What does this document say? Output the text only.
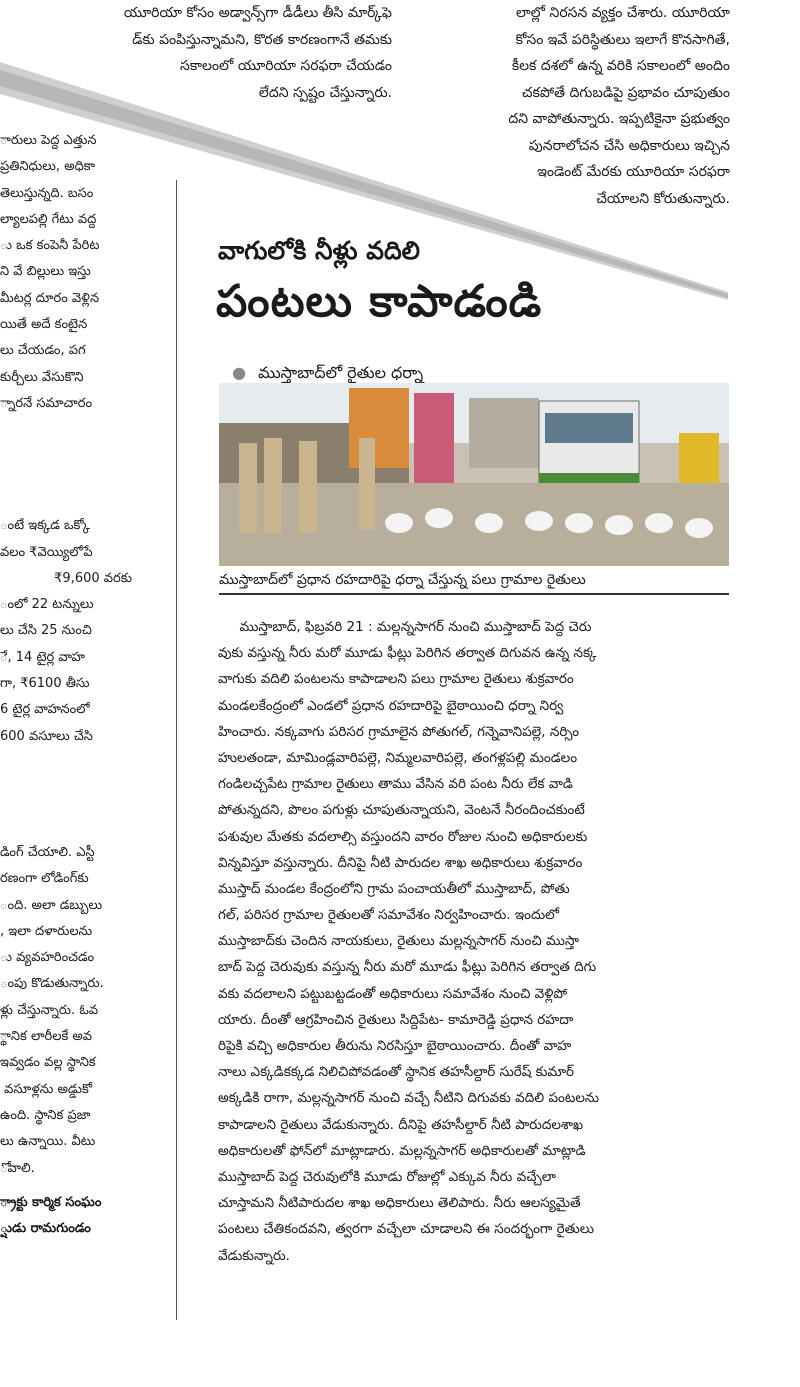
యూరియా కోసం అడ్వాన్స్‌గా డీడీలు తీసి మార్క్‌ఫె
డ్‌కు పంపిస్తున్నామని, కొరత కారణంగానే తమకు
సకాలంలో యూరియా సరఫరా చేయడం
లేదని స్పష్టం చేస్తున్నారు.
లాల్లో నిరసన వ్యక్తం చేశారు. యూరియా
కోసం ఇవే పరిస్థితులు ఇలాగే కొనసాగితే,
కీలక దశలో ఉన్న వరికి సకాలంలో అందిం
చకపోతే దిగుబడిపై ప్రభావం చూపుతుం
దని వాపోతున్నారు. ఇప్పటికైనా ప్రభుత్వం
పునరాలోచన చేసి అధికారులు ఇచ్చిన
ఇండెంట్ మేరకు యూరియా సరఫరా
చేయాలని కోరుతున్నారు.

ారులు పెద్ద ఎత్తున

ప్రతినిధులు, అధికా

తెలుస్తున్నది. బసం

ల్యాలపల్లి గేటు వద్ద

ు ఒక కంపెనీ పేరిట

ని వే బిల్లులు ఇస్తు

మీటర్ల దూరం వెళ్లిన

యితే అదే కంటైన

లు చేయడం, పగ

కుర్చీలు వేసుకొని

్నారనే సమాచారం

ంటే ఇక్కడ ఒక్కో

వలం ₹వెయ్యిలోపే

₹9,600 వరకు

ంలో 22 టన్నులు

లు చేసి 25 నుంచి

ే, 14 టైర్ల వాహ

గా, ₹6100 తీసు

6 టైర్ల వాహనంలో

600 వసూలు చేసి

డింగ్ చేయాలి. ఎస్టీ

రణంగా లోడింగ్‌కు

ంది. అలా డబ్బులు

, ఇలా దళారులను

ు వ్యవహరించడం

ంపు కొడుతున్నారు.

ళ్లు చేస్తున్నారు. ఓవ

్థానిక లారీలకే అవ

ఇవ్వడం వల్ల స్థానిక

వసూళ్లను అడ్డుకో

ఉంది. స్థానిక ప్రజా

లు ఉన్నాయి. వీటు

ోవాలి.

్రాక్టు కార్మిక సంఘం

్షుడు రామగుండం

వాగులోకి నీళ్లు వదిలి
పంటలు కాపాడండి

● ముస్తాబాద్‌లో రైతుల ధర్నా

ముస్తాబాద్‌లో ప్రధాన రహదారిపై ధర్నా చేస్తున్న పలు గ్రామాల రైతులు
ముస్తాబాద్, ఫిబ్రవరి 21 : మల్లన్నసాగర్ నుంచి ముస్తాబాద్ పెద్ద చెరు
వుకు వస్తున్న నీరు మరో మూడు ఫీట్లు పెరిగిన తర్వాత దిగువన ఉన్న నక్క
వాగుకు వదిలి పంటలను కాపాడాలని పలు గ్రామాల రైతులు శుక్రవారం
మండలకేంద్రంలో ఎండలో ప్రధాన రహదారిపై బైఠాయించి ధర్నా నిర్వ
హించారు. నక్కవాగు పరిసర గ్రామాలైన పోతుగల్, గన్నెవానిపల్లె, నర్సిం
హులతండా, మామిండ్లవారిపల్లె, నిమ్మలవారిపల్లె, తంగళ్లపల్లి మండలం
గండిలచ్చపేట గ్రామాల రైతులు తాము వేసిన వరి పంట నీరు లేక వాడి
పోతున్నదని, పొలం పగుళ్లు చూపుతున్నాయని, వెంటనే నీరందించకుంటే
పశువుల మేతకు వదలాల్సి వస్తుందని వారం రోజుల నుంచి అధికారులకు
విన్నవిస్తూ వస్తున్నారు. దీనిపై నీటి పారుదల శాఖ అధికారులు శుక్రవారం
ముస్తాద్ మండల కేంద్రంలోని గ్రామ పంచాయతీలో ముస్తాబాద్, పోతు
గల్, పరిసర గ్రామాల రైతులతో సమావేశం నిర్వహించారు. ఇందులో
ముస్తాబాద్‌కు చెందిన నాయకులు, రైతులు మల్లన్నసాగర్ నుంచి ముస్తా
బాద్ పెద్ద చెరువుకు వస్తున్న నీరు మరో మూడు ఫీట్లు పెరిగిన తర్వాత దిగు
వకు వదలాలని పట్టుబట్టడంతో అధికారులు సమావేశం నుంచి వెళ్లిపో
యారు. దీంతో ఆగ్రహించిన రైతులు సిద్దిపేట- కామారెడ్డి ప్రధాన రహదా
రిపైకి వచ్చి అధికారుల తీరును నిరసిస్తూ బైఠాయించారు. దీంతో వాహ
నాలు ఎక్కడికక్కడ నిలిచిపోవడంతో స్థానిక తహసీల్దార్ సురేష్ కుమార్
అక్కడికి రాగా, మల్లన్నసాగర్ నుంచి వచ్చే నీటిని దిగువకు వదిలి పంటలను
కాపాడాలని రైతులు వేడుకున్నారు. దీనిపై తహసీల్దార్ నీటి పారుదలశాఖ
అధికారులతో ఫోన్‌లో మాట్లాడారు. మల్లన్నసాగర్ అధికారులతో మాట్లాడి
ముస్తాబాద్ పెద్ద చెరువులోకి మూడు రోజుల్లో ఎక్కువ నీరు వచ్చేలా
చూస్తామని నీటిపారుదల శాఖ అధికారులు తెలిపారు. నీరు ఆలస్యమైతే
పంటలు చేతికందవని, త్వరగా వచ్చేలా చూడాలని ఈ సందర్భంగా రైతులు
వేడుకున్నారు.
